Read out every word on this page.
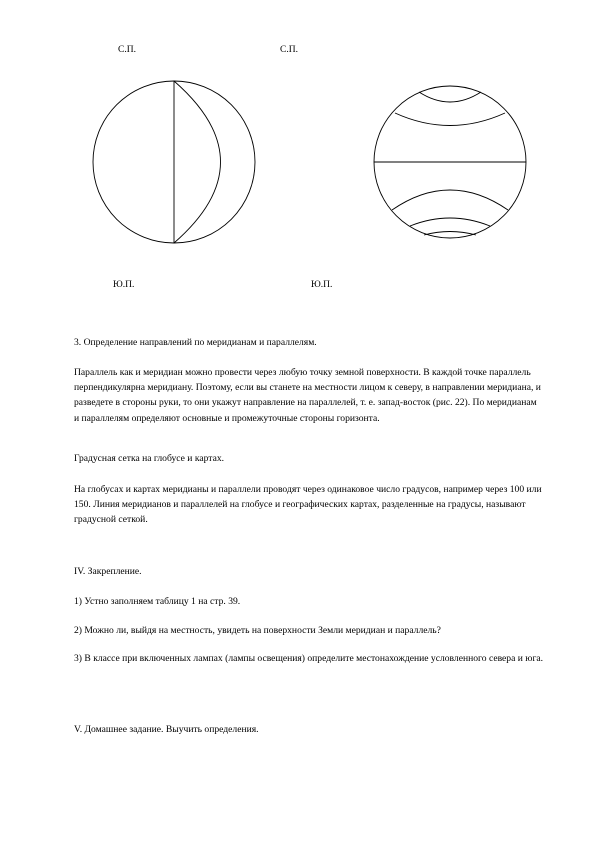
С.П.	С.П.
Ю.П.	Ю.П.

3. Определение направлений по меридианам и параллелям.

Параллель как и меридиан можно провести через любую точку земной поверхности. В каждой точке параллель перпендикулярна меридиану. Поэтому, если вы станете на местности лицом к северу, в направлении меридиана, и разведете в стороны руки, то они укажут направление на параллелей, т. е. запад-восток (рис. 22). По меридианам и параллелям определяют основные и промежуточные стороны горизонта.

Градусная сетка на глобусе и картах.

На глобусах и картах меридианы и параллели проводят через одинаковое число градусов, например через 100 или 150. Линия меридианов и параллелей на глобусе и географических картах, разделенные на градусы, называют градусной сеткой.

IV. Закрепление.

1) Устно заполняем таблицу 1 на стр. 39.

2) Можно ли, выйдя на местность, увидеть на поверхности Земли меридиан и параллель?

3) В классе при включенных лампах (лампы освещения) определите местонахождение условленного севера и юга.

V. Домашнее задание. Выучить определения.
